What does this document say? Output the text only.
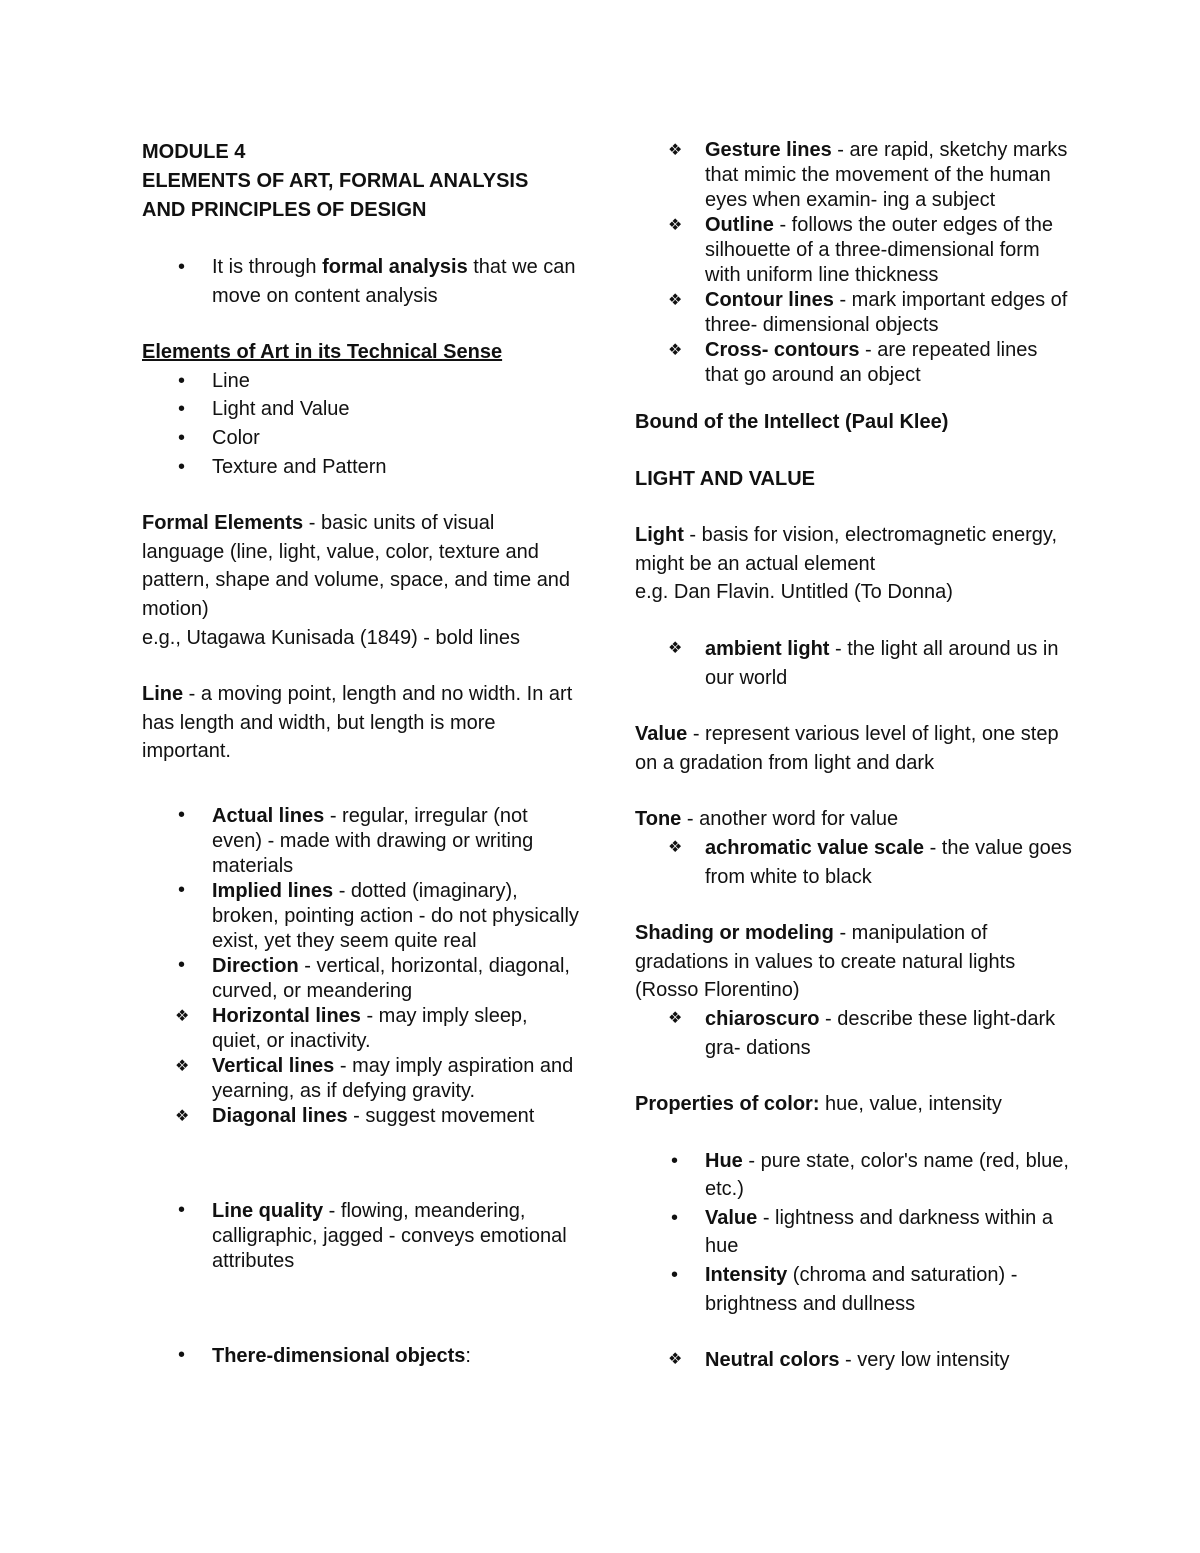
MODULE 4

ELEMENTS OF ART, FORMAL ANALYSIS

AND PRINCIPLES OF DESIGN

• It is through formal analysis that we can move on content analysis

Elements of Art in its Technical Sense

• Line
• Light and Value
• Color
• Texture and Pattern

Formal Elements - basic units of visual language (line, light, value, color, texture and pattern, shape and volume, space, and time and motion)

e.g., Utagawa Kunisada (1849) - bold lines

Line - a moving point, length and no width. In art has length and width, but length is more important.

• Actual lines - regular, irregular (not even) - made with drawing or writing materials
• Implied lines - dotted (imaginary), broken, pointing action - do not physically exist, yet they seem quite real
• Direction - vertical, horizontal, diagonal, curved, or meandering
❖ Horizontal lines - may imply sleep, quiet, or inactivity.
❖ Vertical lines - may imply aspiration and yearning, as if defying gravity.
❖ Diagonal lines - suggest movement
• Line quality - flowing, meandering, calligraphic, jagged - conveys emotional attributes
• There-dimensional objects:
❖ Gesture lines - are rapid, sketchy marks that mimic the movement of the human eyes when examin- ing a subject
❖ Outline - follows the outer edges of the silhouette of a three-dimensional form with uniform line thickness
❖ Contour lines - mark important edges of three- dimensional objects
❖ Cross- contours - are repeated lines that go around an object

Bound of the Intellect (Paul Klee)

LIGHT AND VALUE

Light - basis for vision, electromagnetic energy, might be an actual element

e.g. Dan Flavin. Untitled (To Donna)

❖ ambient light - the light all around us in our world

Value - represent various level of light, one step on a gradation from light and dark

Tone - another word for value

❖ achromatic value scale - the value goes from white to black

Shading or modeling - manipulation of gradations in values to create natural lights (Rosso Florentino)

❖ chiaroscuro - describe these light-dark gra- dations

Properties of color: hue, value, intensity

• Hue - pure state, color's name (red, blue, etc.)
• Value - lightness and darkness within a hue
• Intensity (chroma and saturation) - brightness and dullness
❖ Neutral colors - very low intensity
